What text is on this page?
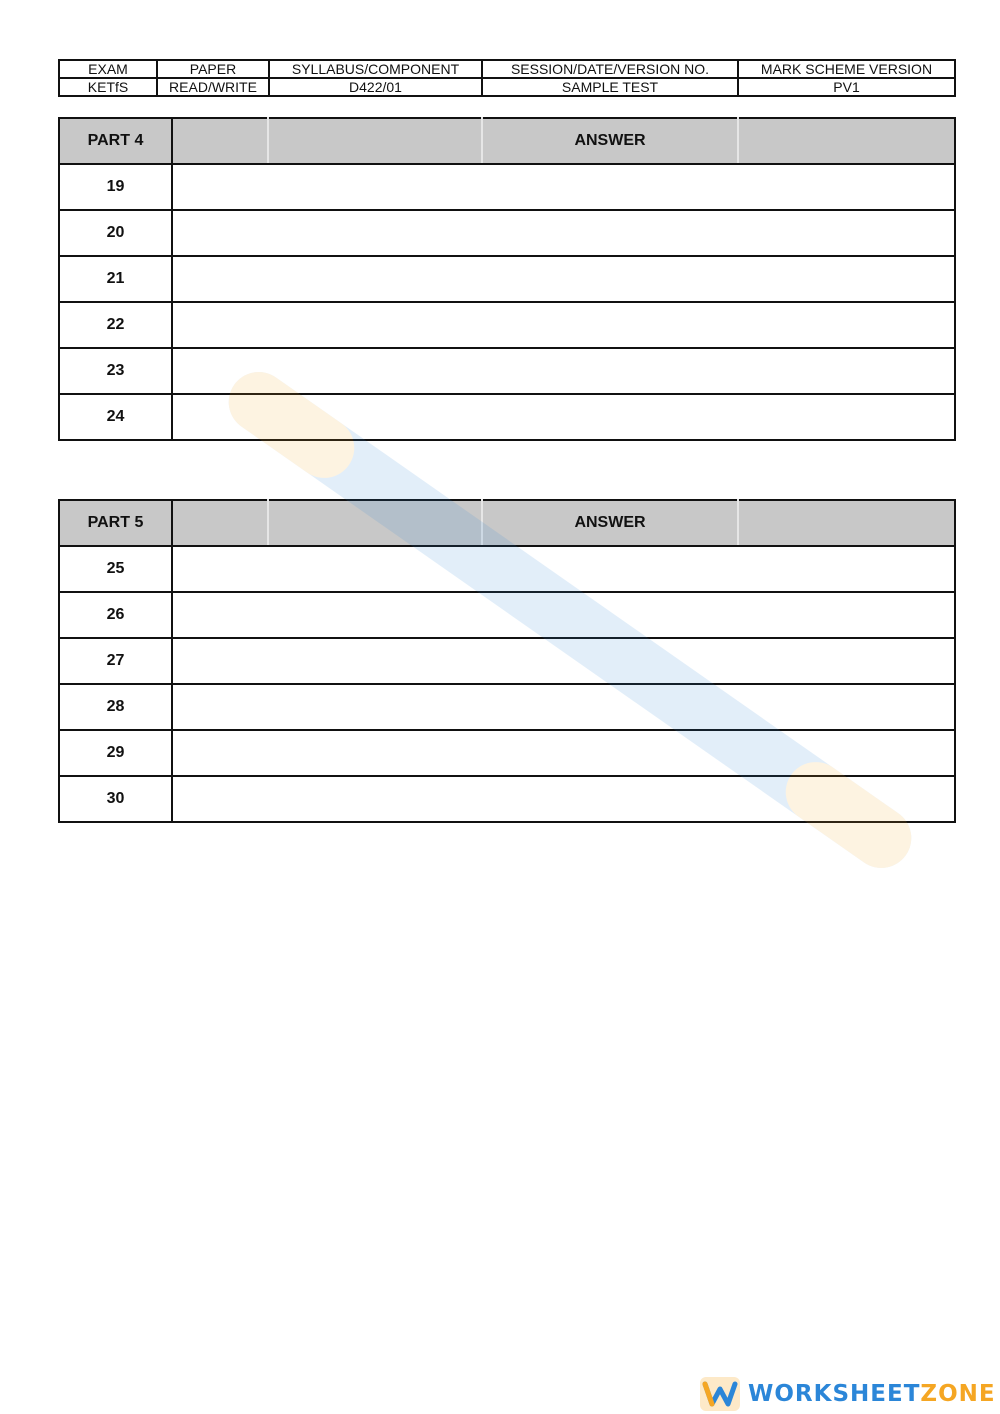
EXAM	PAPER	SYLLABUS/COMPONENT	SESSION/DATE/VERSION NO.	MARK SCHEME VERSION
KETfS	READ/WRITE	D422/01	SAMPLE TEST	PV1
PART 4			ANSWER	
19				
20				
21				
22				
23				
24				
PART 5			ANSWER	
25				
26				
27				
28				
29				
30				
WORKSHEETZONE
